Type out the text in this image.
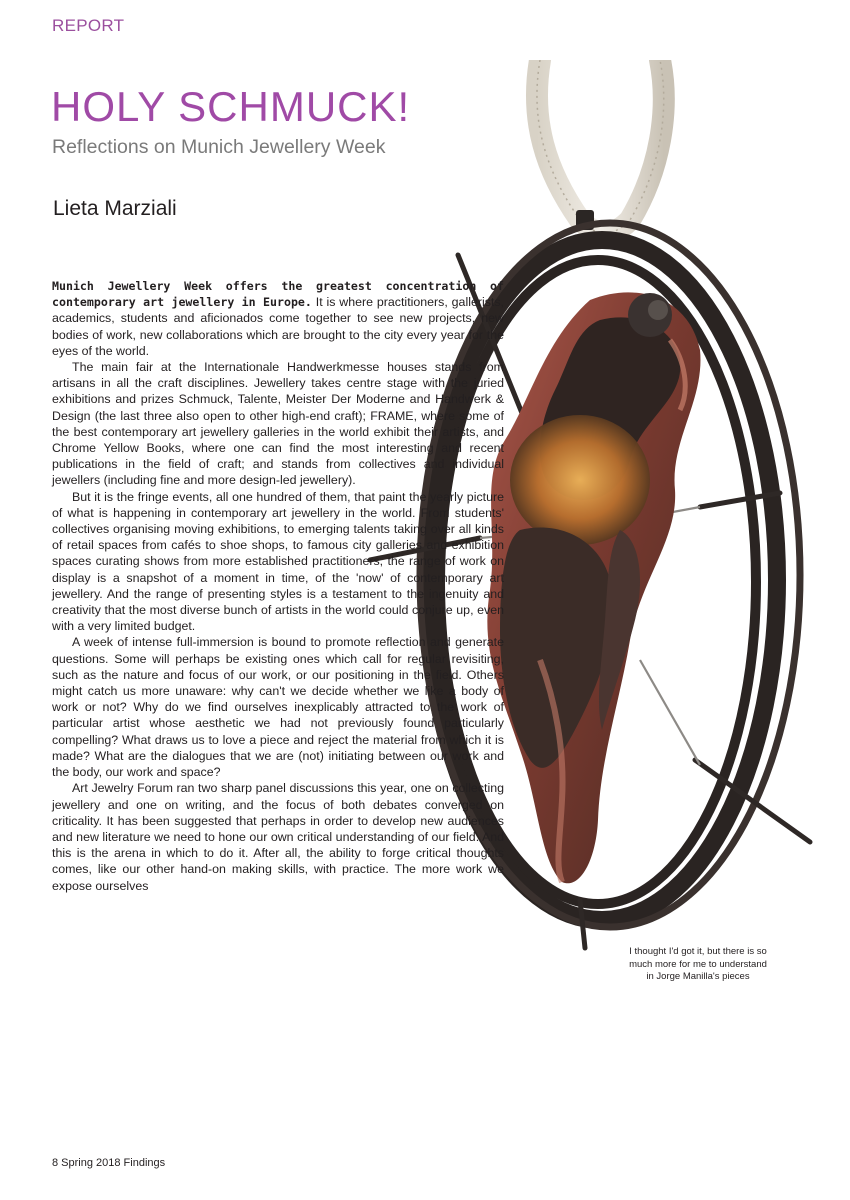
REPORT
HOLY SCHMUCK!
Reflections on Munich Jewellery Week
Lieta Marziali

Munich Jewellery Week offers the greatest concentration of contemporary art jewellery in Europe. It is where practitioners, gallerists, academics, students and aficionados come together to see new projects, new bodies of work, new collaborations which are brought to the city every year for the eyes of the world.

The main fair at the Internationale Handwerkmesse houses stands from artisans in all the craft disciplines. Jewellery takes centre stage with the juried exhibitions and prizes Schmuck, Talente, Meister Der Moderne and Handwerk & Design (the last three also open to other high-end craft); FRAME, where some of the best contemporary art jewellery galleries in the world exhibit their artists, and Chrome Yellow Books, where one can find the most interesting and recent publications in the field of craft; and stands from collectives and individual jewellers (including fine and more design-led jewellery).

But it is the fringe events, all one hundred of them, that paint the yearly picture of what is happening in contemporary art jewellery in the world. From students' collectives organising moving exhibitions, to emerging talents taking over all kinds of retail spaces from cafés to shoe shops, to famous city galleries and exhibition spaces curating shows from more established practitioners, the range of work on display is a snapshot of a moment in time, of the 'now' of contemporary art jewellery. And the range of presenting styles is a testament to the ingenuity and creativity that the most diverse bunch of artists in the world could conjure up, even with a very limited budget.

A week of intense full-immersion is bound to promote reflection and generate questions. Some will perhaps be existing ones which call for regular revisiting, such as the nature and focus of our work, or our positioning in the field. Others might catch us more unaware: why can't we decide whether we like a body of work or not? Why do we find ourselves inexplicably attracted to the work of particular artist whose aesthetic we had not previously found particularly compelling? What draws us to love a piece and reject the material from which it is made? What are the dialogues that we are (not) initiating between our work and the body, our work and space?

Art Jewelry Forum ran two sharp panel discussions this year, one on collecting jewellery and one on writing, and the focus of both debates converged on criticality. It has been suggested that perhaps in order to develop new audiences and new literature we need to hone our own critical understanding of our field. And this is the arena in which to do it. After all, the ability to forge critical thoughts comes, like our other hand-on making skills, with practice. The more work we expose ourselves

I thought I'd got it, but there is so much more for me to understand in Jorge Manilla's pieces
8 Spring 2018 Findings
